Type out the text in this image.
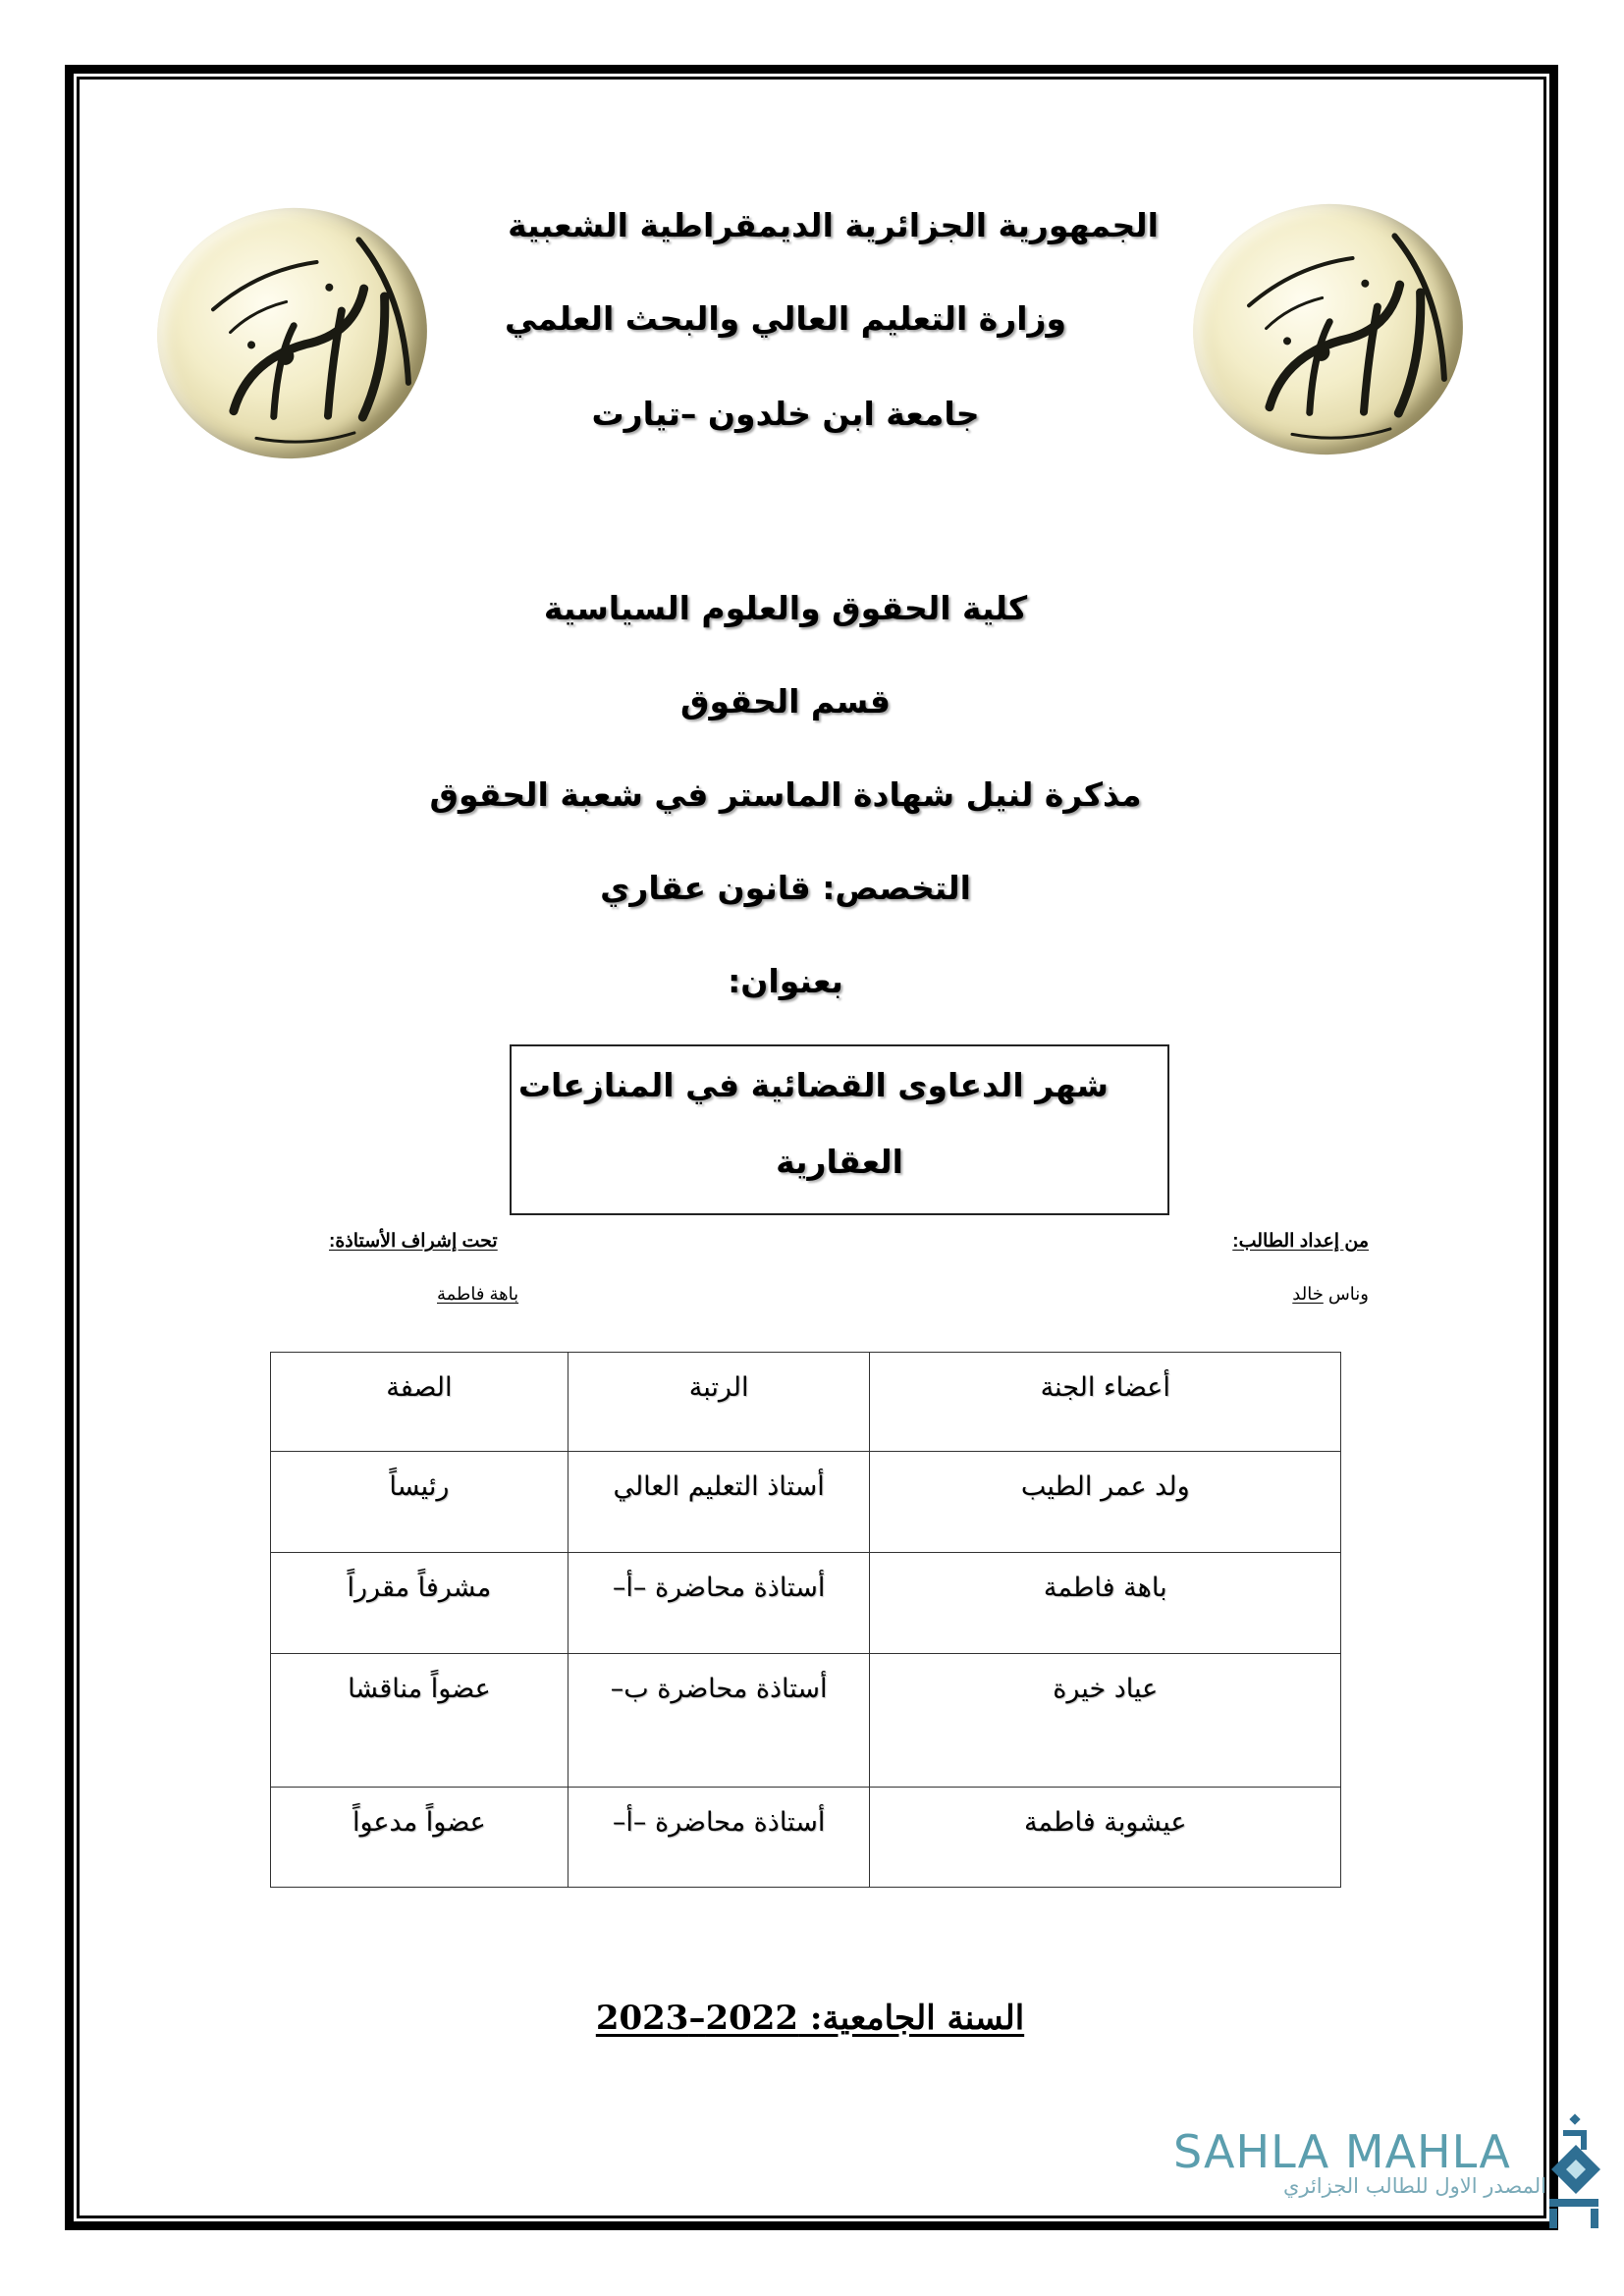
الجمهورية الجزائرية الديمقراطية الشعبية
وزارة التعليم العالي والبحث العلمي
جامعة ابن خلدون –تيارت
كلية الحقوق والعلوم السياسية
قسم الحقوق
مذكرة لنيل شهادة الماستر في شعبة الحقوق
التخصص: قانون عقاري
بعنوان:
شهر الدعاوى القضائية في المنازعات
العقارية
من إعداد الطالب:
وناس خالد
تحت إشراف الأستاذة:
باهة فاطمة
أعضاء الجنة	الرتبة	الصفة
ولد عمر الطيب	أستاذ التعليم العالي	رئيساً
باهة فاطمة	أستاذة محاضرة –أ–	مشرفاً مقرراً
عياد خيرة	أستاذة محاضرة ب–	عضواً مناقشا
عيشوبة فاطمة	أستاذة محاضرة –أ–	عضواً مدعواً
السنة الجامعية: 2022–2023
SAHLA MAHLA
المصدر الاول للطالب الجزائري
